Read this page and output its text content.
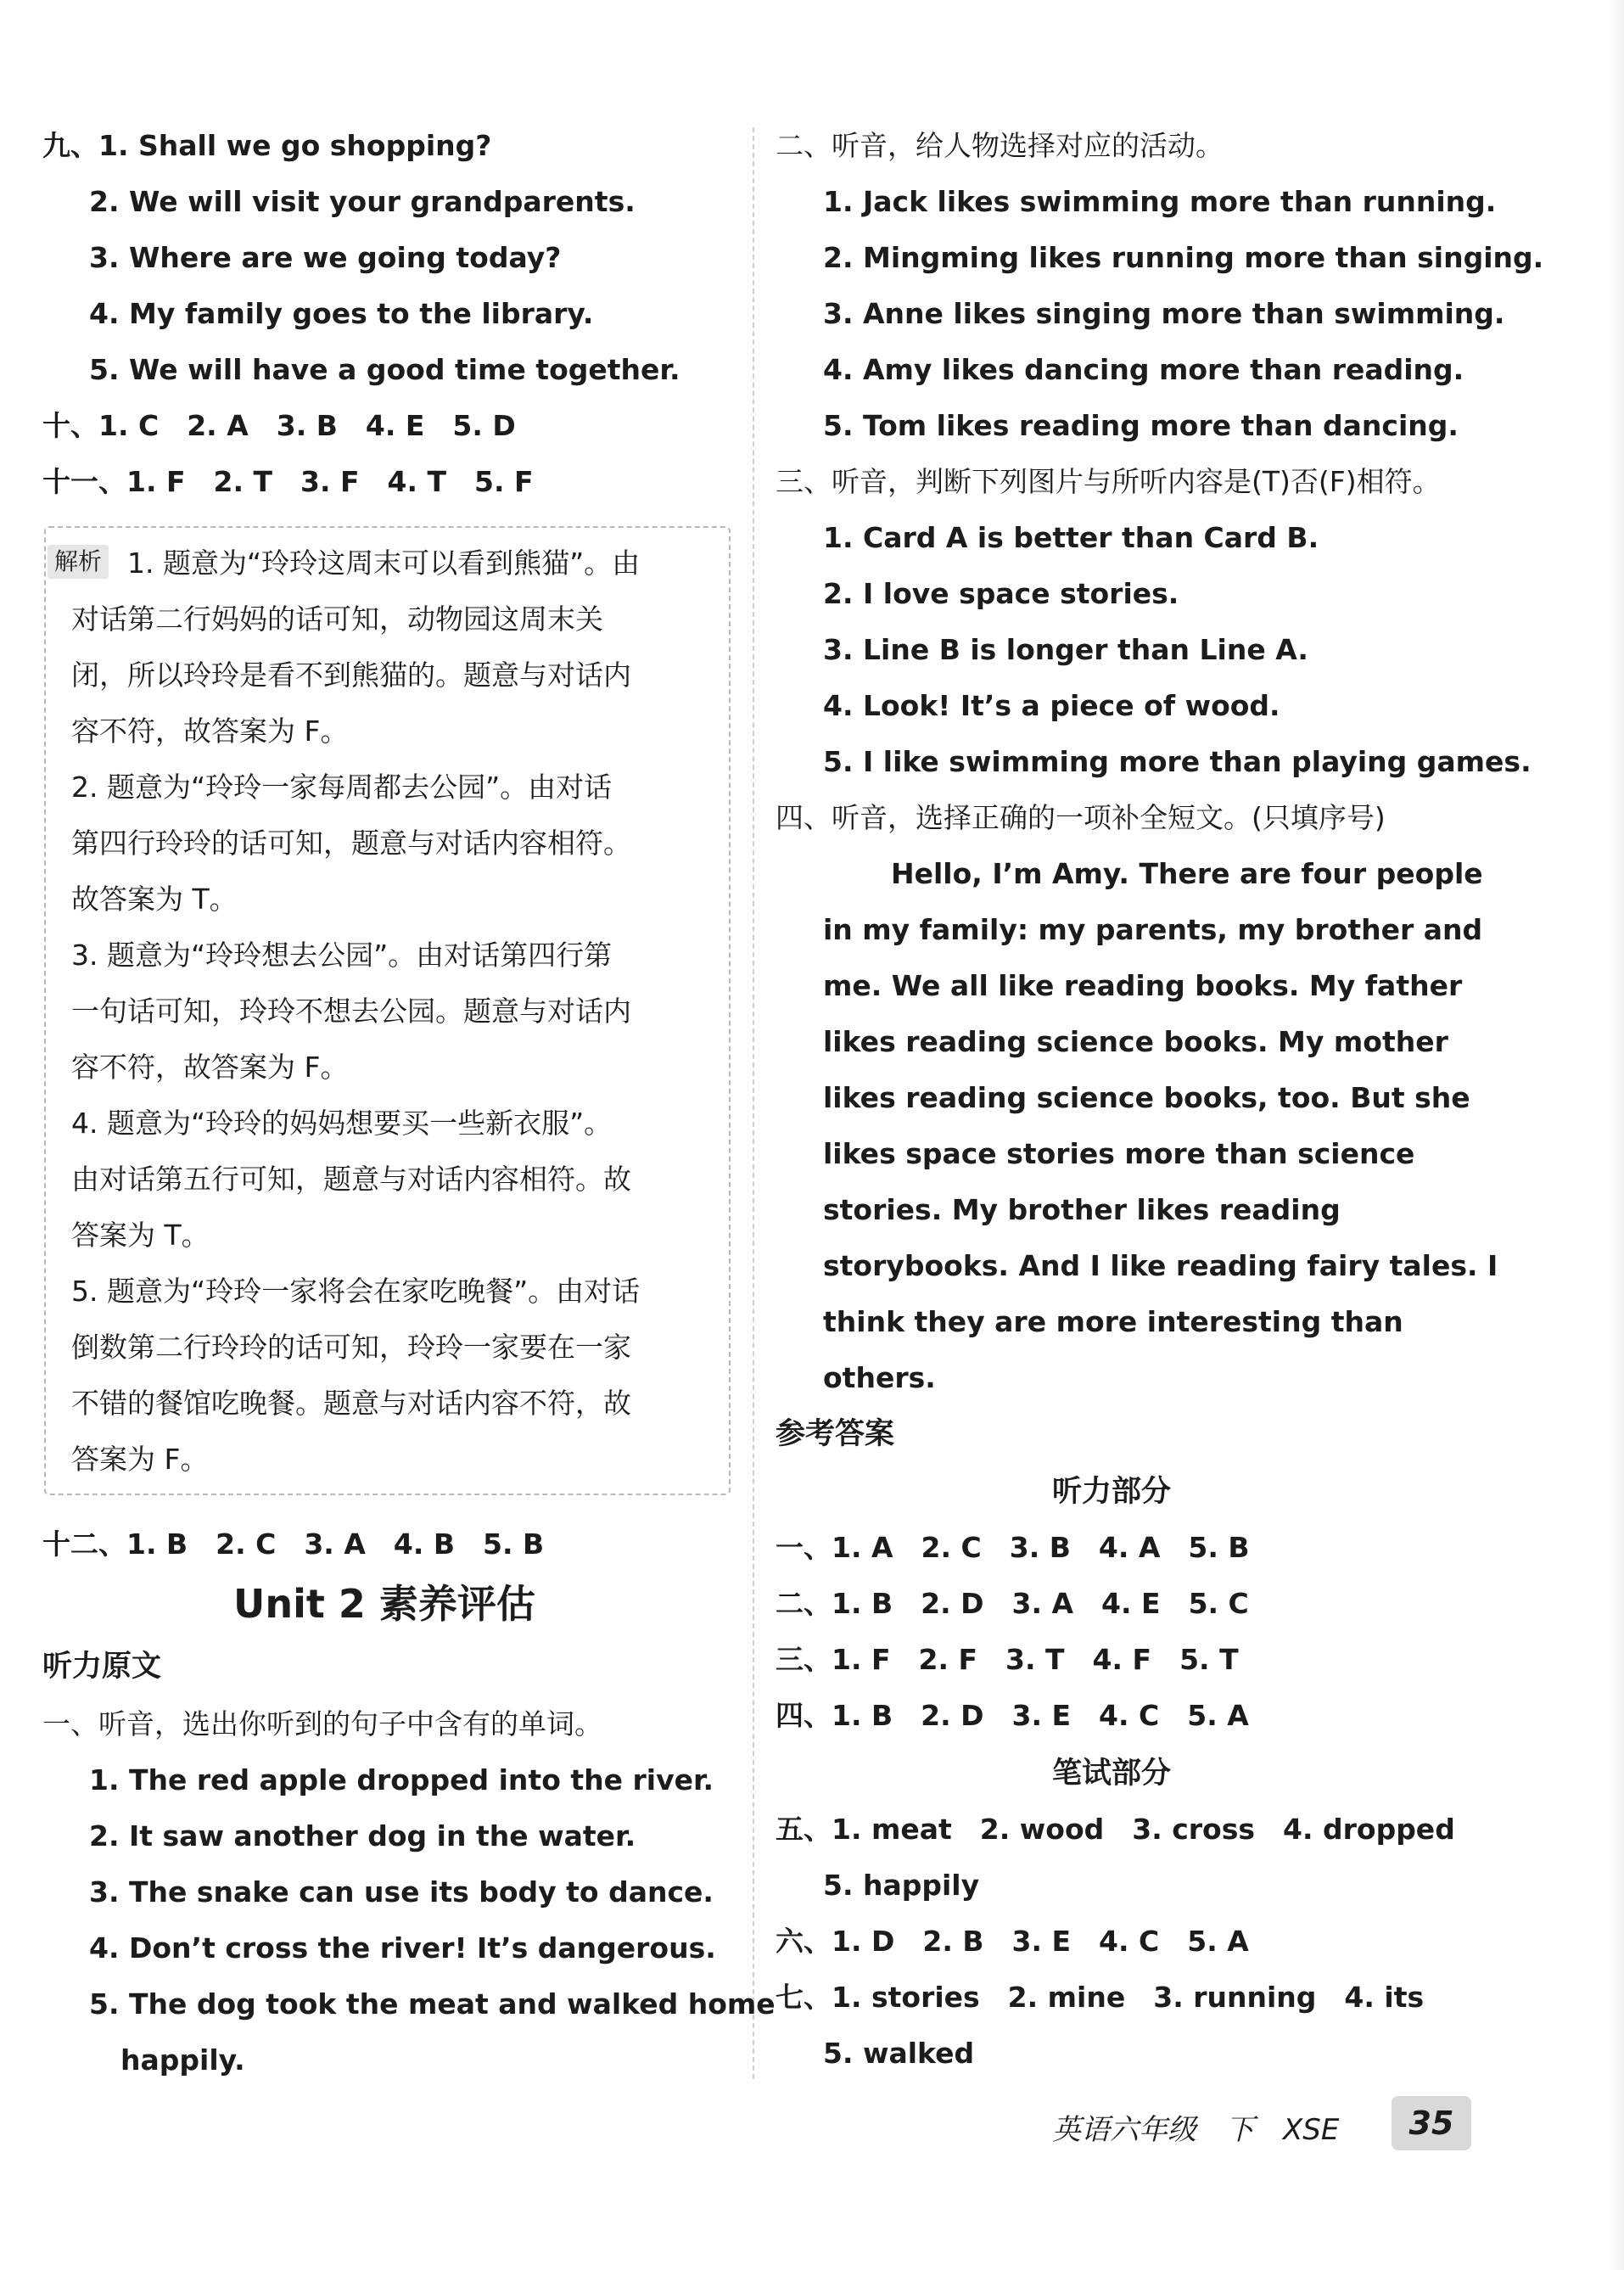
九、1. Shall we go shopping?
2. We will visit your grandparents.
3. Where are we going today?
4. My family goes to the library.
5. We will have a good time together.
十、1. C　2. A　3. B　4. E　5. D
十一、1. F　2. T　3. F　4. T　5. F
解析 1. 题意为“玲玲这周末可以看到熊猫”。由
对话第二行妈妈的话可知，动物园这周末关
闭，所以玲玲是看不到熊猫的。题意与对话内
容不符，故答案为 F。
2. 题意为“玲玲一家每周都去公园”。由对话
第四行玲玲的话可知，题意与对话内容相符。
故答案为 T。
3. 题意为“玲玲想去公园”。由对话第四行第
一句话可知，玲玲不想去公园。题意与对话内
容不符，故答案为 F。
4. 题意为“玲玲的妈妈想要买一些新衣服”。
由对话第五行可知，题意与对话内容相符。故
答案为 T。
5. 题意为“玲玲一家将会在家吃晚餐”。由对话
倒数第二行玲玲的话可知，玲玲一家要在一家
不错的餐馆吃晚餐。题意与对话内容不符，故
答案为 F。
十二、1. B　2. C　3. A　4. B　5. B
Unit 2 素养评估
听力原文
一、听音，选出你听到的句子中含有的单词。
1. The red apple dropped into the river.
2. It saw another dog in the water.
3. The snake can use its body to dance.
4. Don’t cross the river! It’s dangerous.
5. The dog took the meat and walked home
happily.
二、听音，给人物选择对应的活动。
1. Jack likes swimming more than running.
2. Mingming likes running more than singing.
3. Anne likes singing more than swimming.
4. Amy likes dancing more than reading.
5. Tom likes reading more than dancing.
三、听音，判断下列图片与所听内容是(T)否(F)相符。
1. Card A is better than Card B.
2. I love space stories.
3. Line B is longer than Line A.
4. Look! It’s a piece of wood.
5. I like swimming more than playing games.
四、听音，选择正确的一项补全短文。(只填序号)
Hello, I’m Amy. There are four people
in my family: my parents, my brother and
me. We all like reading books. My father
likes reading science books. My mother
likes reading science books, too. But she
likes space stories more than science
stories. My brother likes reading
storybooks. And I like reading fairy tales. I
think they are more interesting than
others.
参考答案
听力部分
一、1. A　2. C　3. B　4. A　5. B
二、1. B　2. D　3. A　4. E　5. C
三、1. F　2. F　3. T　4. F　5. T
四、1. B　2. D　3. E　4. C　5. A
笔试部分
五、1. meat　2. wood　3. cross　4. dropped
5. happily
六、1. D　2. B　3. E　4. C　5. A
七、1. stories　2. mine　3. running　4. its
5. walked
英语六年级　下　XSE	35
